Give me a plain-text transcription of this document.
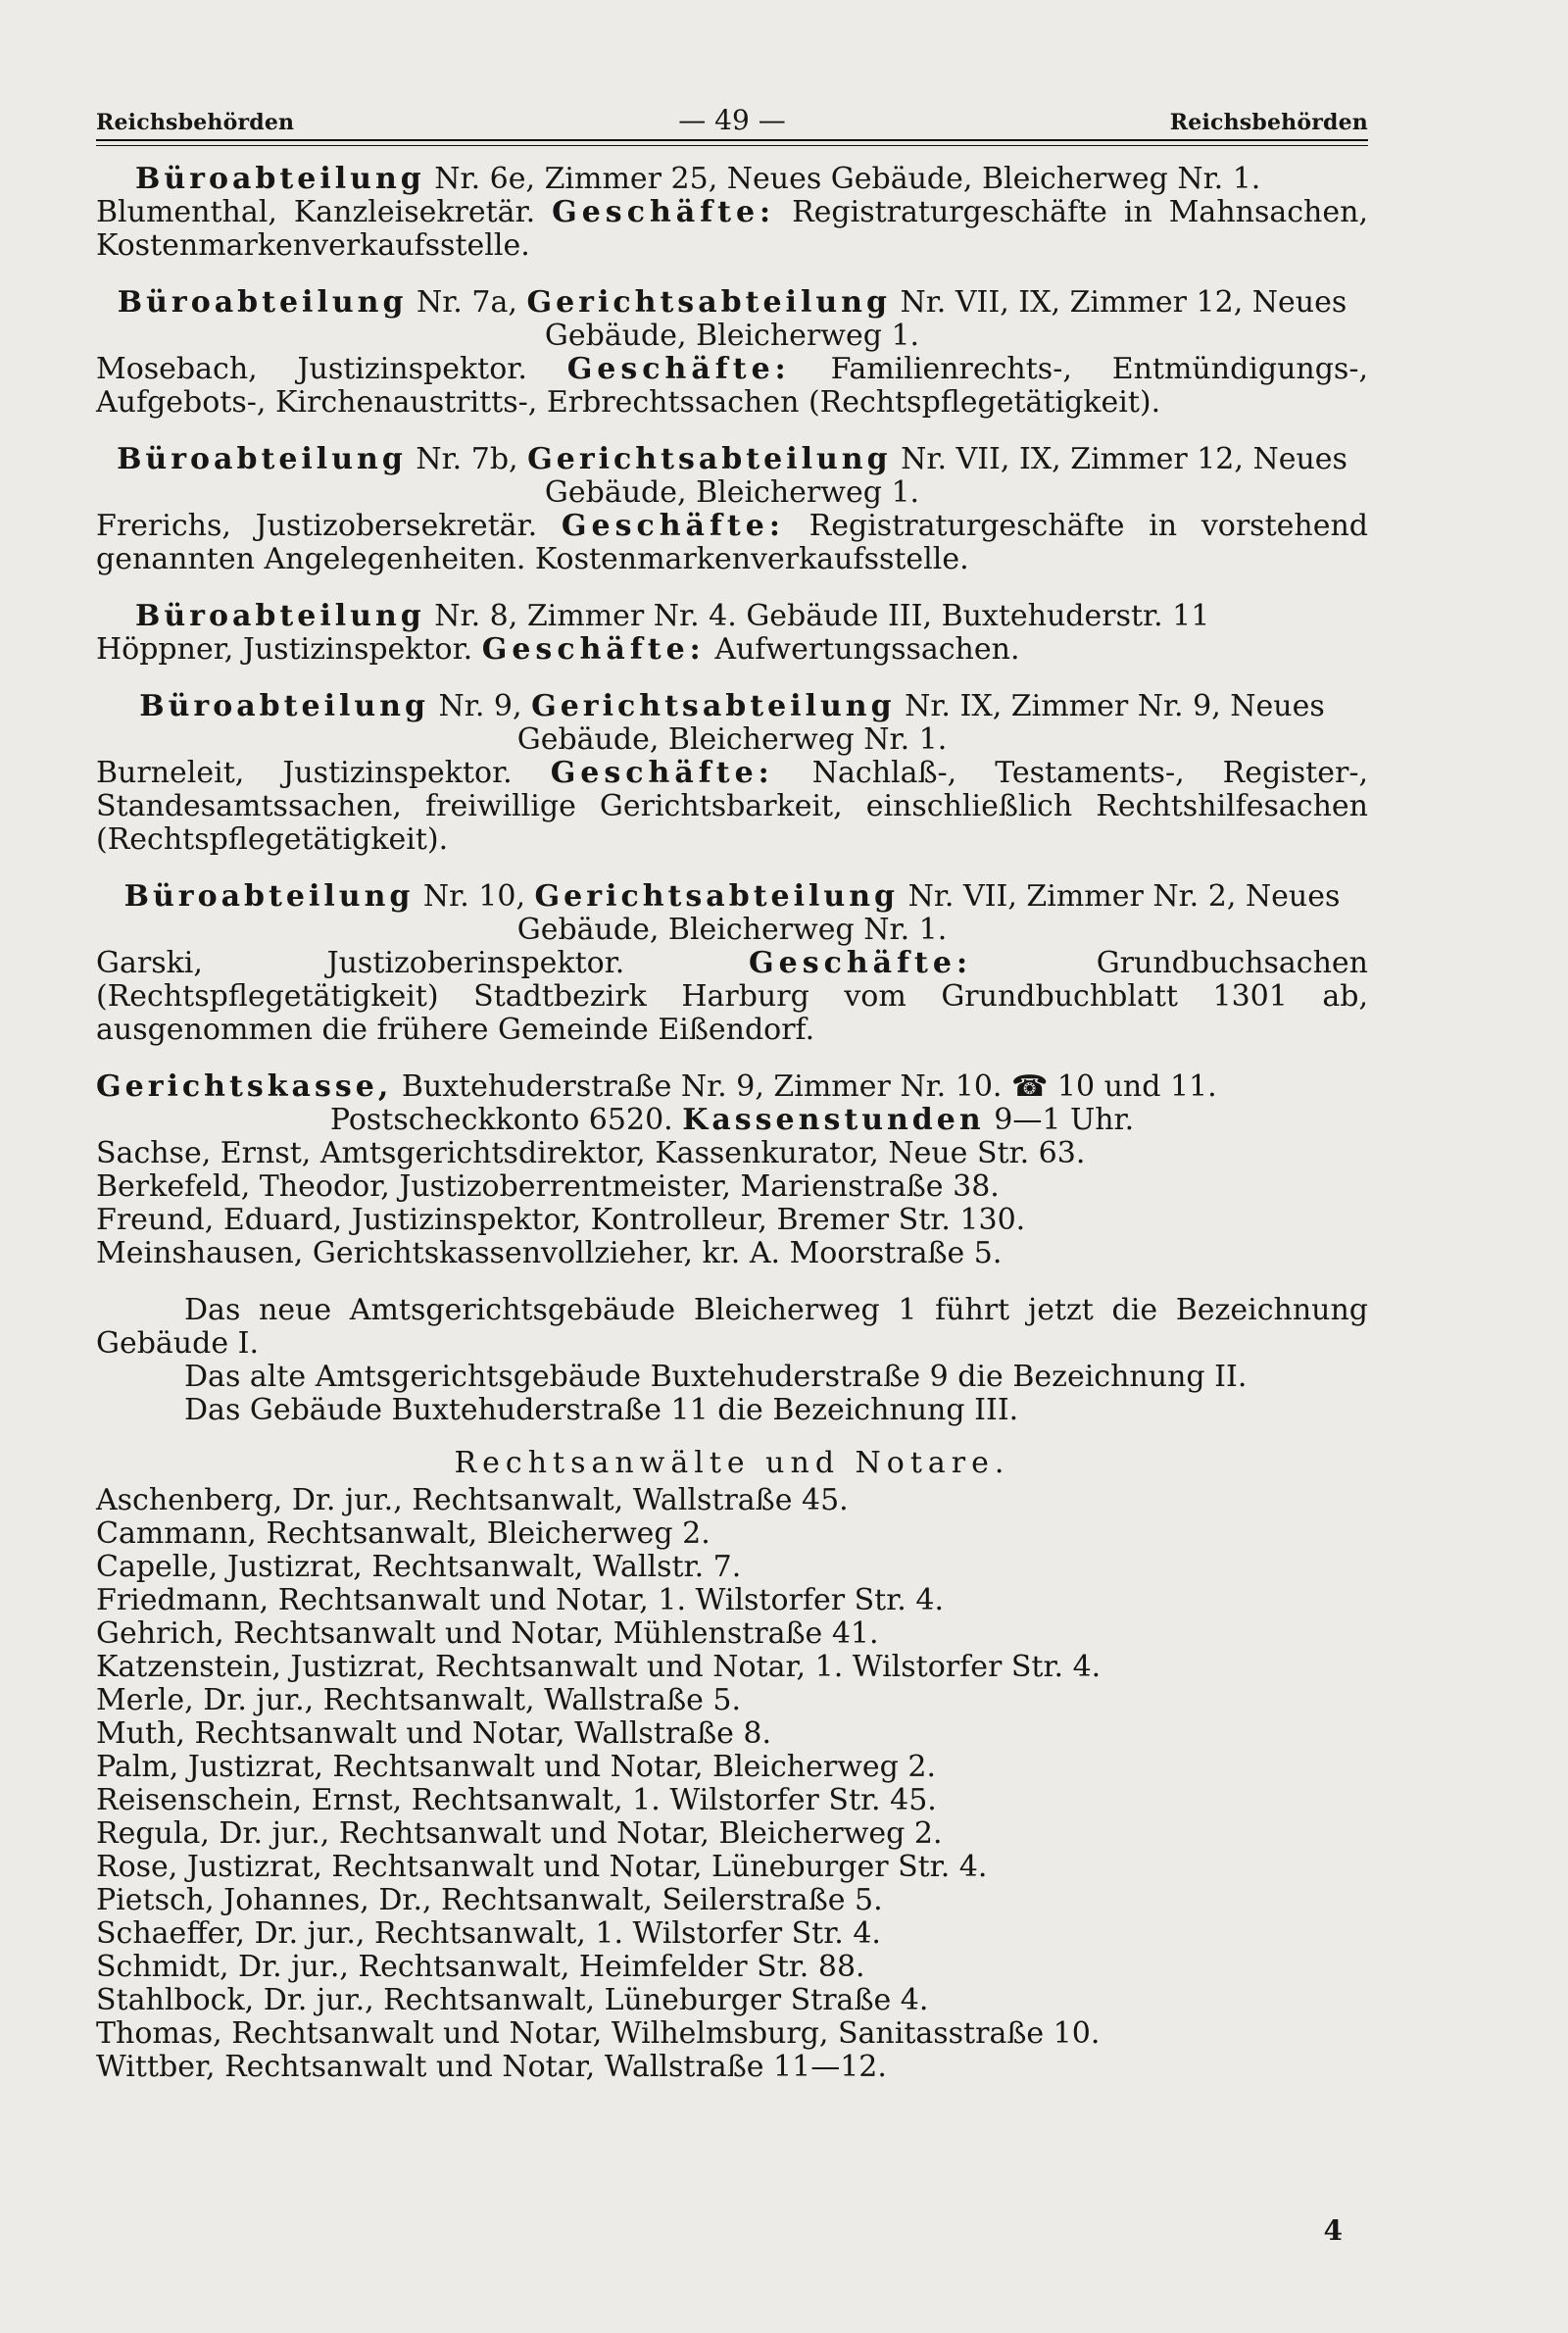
Reichsbehörden	— 49 —	Reichsbehörden
Büroabteilung Nr. 6e, Zimmer 25, Neues Gebäude, Bleicherweg Nr. 1.
Blumenthal, Kanzleisekretär. Geschäfte: Registraturgeschäfte in Mahnsachen, Kostenmarkenverkaufsstelle.
Büroabteilung Nr. 7a, Gerichtsabteilung Nr. VII, IX, Zimmer 12, Neues Gebäude, Bleicherweg 1.
Mosebach, Justizinspektor. Geschäfte: Familienrechts-, Entmündigungs-, Aufgebots-, Kirchenaustritts-, Erbrechtssachen (Rechtspflegetätigkeit).
Büroabteilung Nr. 7b, Gerichtsabteilung Nr. VII, IX, Zimmer 12, Neues Gebäude, Bleicherweg 1.
Frerichs, Justizobersekretär. Geschäfte: Registraturgeschäfte in vorstehend genannten Angelegenheiten. Kostenmarkenverkaufsstelle.
Büroabteilung Nr. 8, Zimmer Nr. 4. Gebäude III, Buxtehuderstr. 11
Höppner, Justizinspektor. Geschäfte: Aufwertungssachen.
Büroabteilung Nr. 9, Gerichtsabteilung Nr. IX, Zimmer Nr. 9, Neues Gebäude, Bleicherweg Nr. 1.
Burneleit, Justizinspektor. Geschäfte: Nachlaß-, Testaments-, Register-, Standesamtssachen, freiwillige Gerichtsbarkeit, einschließlich Rechtshilfesachen (Rechtspflegetätigkeit).
Büroabteilung Nr. 10, Gerichtsabteilung Nr. VII, Zimmer Nr. 2, Neues Gebäude, Bleicherweg Nr. 1.
Garski, Justizoberinspektor.	Geschäfte:	Grundbuchsachen (Rechtspflegetätigkeit) Stadtbezirk Harburg vom Grundbuchblatt 1301 ab, ausgenommen die frühere Gemeinde Eißendorf.
Gerichtskasse, Buxtehuderstraße Nr. 9, Zimmer Nr. 10. ☎ 10 und 11.
Postscheckkonto 6520. Kassenstunden 9—1 Uhr.
Sachse, Ernst, Amtsgerichtsdirektor, Kassenkurator, Neue Str. 63.
Berkefeld, Theodor, Justizoberrentmeister, Marienstraße 38.
Freund, Eduard, Justizinspektor, Kontrolleur, Bremer Str. 130.
Meinshausen, Gerichtskassenvollzieher, kr. A. Moorstraße 5.
Das neue Amtsgerichtsgebäude Bleicherweg 1 führt jetzt die Bezeichnung Gebäude I.
Das alte Amtsgerichtsgebäude Buxtehuderstraße 9 die Bezeichnung II.
Das Gebäude Buxtehuderstraße 11 die Bezeichnung III.
Rechtsanwälte und Notare.
Aschenberg, Dr. jur., Rechtsanwalt, Wallstraße 45.
Cammann, Rechtsanwalt, Bleicherweg 2.
Capelle, Justizrat, Rechtsanwalt, Wallstr. 7.
Friedmann, Rechtsanwalt und Notar, 1. Wilstorfer Str. 4.
Gehrich, Rechtsanwalt und Notar, Mühlenstraße 41.
Katzenstein, Justizrat, Rechtsanwalt und Notar, 1. Wilstorfer Str. 4.
Merle, Dr. jur., Rechtsanwalt, Wallstraße 5.
Muth, Rechtsanwalt und Notar, Wallstraße 8.
Palm, Justizrat, Rechtsanwalt und Notar, Bleicherweg 2.
Reisenschein, Ernst, Rechtsanwalt, 1. Wilstorfer Str. 45.
Regula, Dr. jur., Rechtsanwalt und Notar, Bleicherweg 2.
Rose, Justizrat, Rechtsanwalt und Notar, Lüneburger Str. 4.
Pietsch, Johannes, Dr., Rechtsanwalt, Seilerstraße 5.
Schaeffer, Dr. jur., Rechtsanwalt, 1. Wilstorfer Str. 4.
Schmidt, Dr. jur., Rechtsanwalt, Heimfelder Str. 88.
Stahlbock, Dr. jur., Rechtsanwalt, Lüneburger Straße 4.
Thomas, Rechtsanwalt und Notar, Wilhelmsburg, Sanitasstraße 10.
Wittber, Rechtsanwalt und Notar, Wallstraße 11—12.
4
